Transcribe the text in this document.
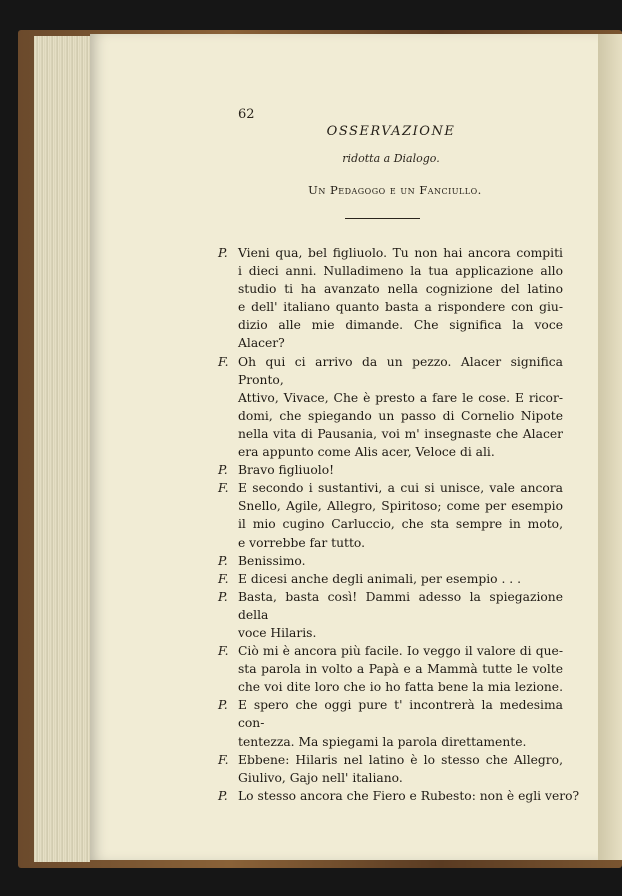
62
OSSERVAZIONE
ridotta a Dialogo.
Un Pedagogo e un Fanciullo.
P. Vieni qua, bel figliuolo. Tu non hai ancora compiti
i dieci anni. Nulladimeno la tua applicazione allo
studio ti ha avanzato nella cognizione del latino
e dell' italiano quanto basta a rispondere con giu-
dizio alle mie dimande. Che significa la voce Alacer?
F. Oh qui ci arrivo da un pezzo. Alacer significa Pronto,
Attivo, Vivace, Che è presto a fare le cose. E ricor-
domi, che spiegando un passo di Cornelio Nipote
nella vita di Pausania, voi m' insegnaste che Alacer
era appunto come Alis acer, Veloce di ali.
P. Bravo figliuolo!
F. E secondo i sustantivi, a cui si unisce, vale ancora
Snello, Agile, Allegro, Spiritoso; come per esempio
il mio cugino Carluccio, che sta sempre in moto,
e vorrebbe far tutto.
P. Benissimo.
F. E dicesi anche degli animali, per esempio . . .
P. Basta, basta così! Dammi adesso la spiegazione della
voce Hilaris.
F. Ciò mi è ancora più facile. Io veggo il valore di que-
sta parola in volto a Papà e a Mammà tutte le volte
che voi dite loro che io ho fatta bene la mia lezione.
P. E spero che oggi pure t' incontrerà la medesima con-
tentezza. Ma spiegami la parola direttamente.
F. Ebbene: Hilaris nel latino è lo stesso che Allegro,
Giulivo, Gajo nell' italiano.
P. Lo stesso ancora che Fiero e Rubesto: non è egli vero?
